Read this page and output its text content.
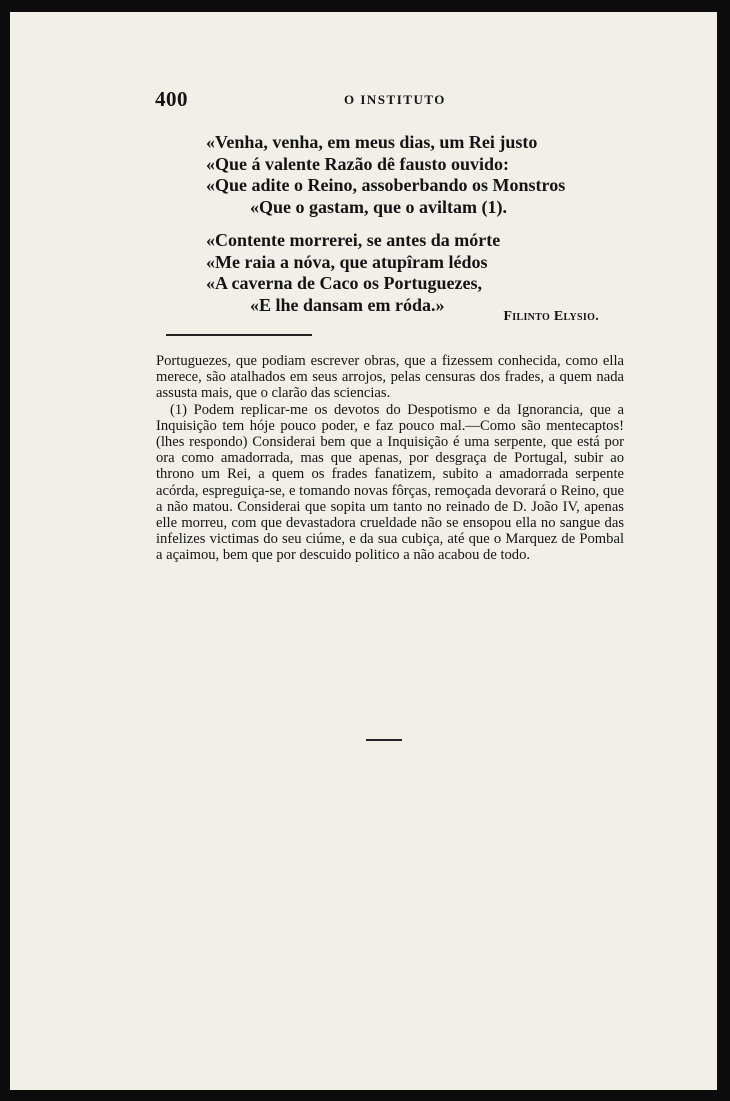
400	O INSTITUTO
«Venha, venha, em meus dias, um Rei justo
«Que á valente Razão dê fausto ouvido:
«Que adite o Reino, assoberbando os Monstros
«Que o gastam, que o aviltam (1).
«Contente morrerei, se antes da mórte
«Me raia a nóva, que atupîram lédos
«A caverna de Caco os Portuguezes,
«E lhe dansam em róda.»
Filinto Elysio.

Portuguezes, que podiam escrever obras, que a fizessem conhecida, como ella merece, são atalhados em seus arrojos, pelas censuras dos frades, a quem nada assusta mais, que o clarão das sciencias.

(1) Podem replicar-me os devotos do Despotismo e da Ignorancia, que a Inquisição tem hóje pouco poder, e faz pouco mal.—Como são mentecaptos! (lhes respondo) Considerai bem que a Inquisição é uma serpente, que está por ora como amadorrada, mas que apenas, por desgraça de Portugal, subir ao throno um Rei, a quem os frades fanatizem, subito a amadorrada serpente acórda, espreguiça-se, e tomando novas fôrças, remoçada devorará o Reino, que a não matou. Considerai que sopita um tanto no reinado de D. João IV, apenas elle morreu, com que devastadora crueldade não se ensopou ella no sangue das infelizes victimas do seu ciúme, e da sua cubiça, até que o Marquez de Pombal a açaimou, bem que por descuido politico a não acabou de todo.
